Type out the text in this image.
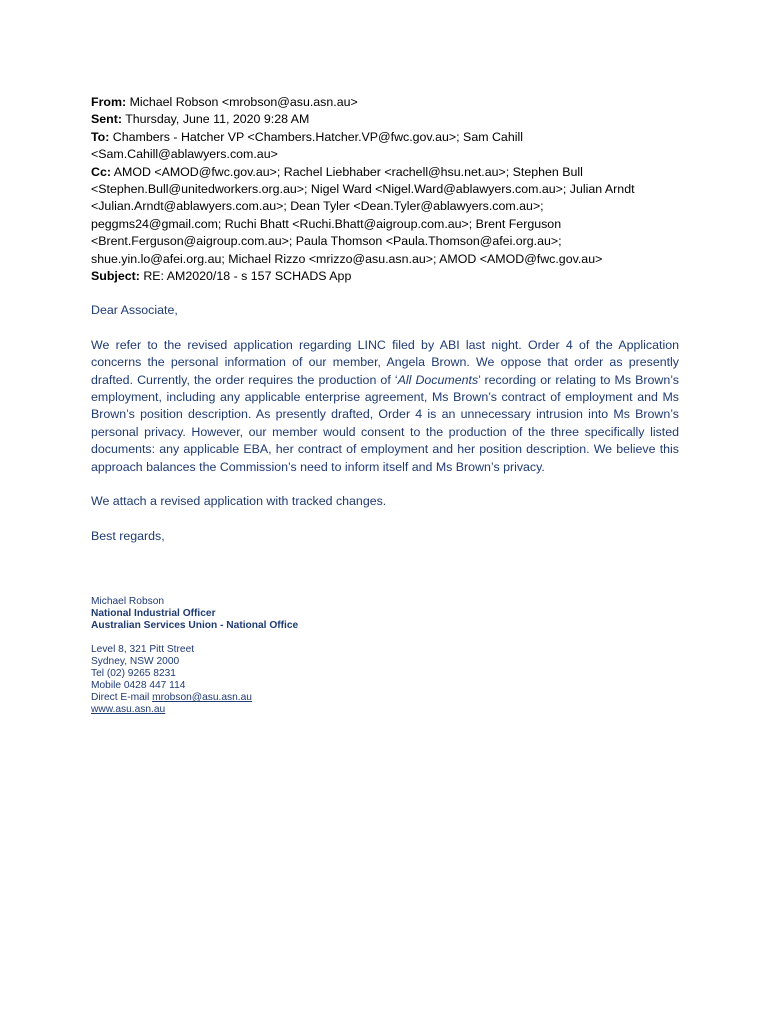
From: Michael Robson <mrobson@asu.asn.au>
Sent: Thursday, June 11, 2020 9:28 AM
To: Chambers - Hatcher VP <Chambers.Hatcher.VP@fwc.gov.au>; Sam Cahill
<Sam.Cahill@ablawyers.com.au>
Cc: AMOD <AMOD@fwc.gov.au>; Rachel Liebhaber <rachell@hsu.net.au>; Stephen Bull
<Stephen.Bull@unitedworkers.org.au>; Nigel Ward <Nigel.Ward@ablawyers.com.au>; Julian Arndt
<Julian.Arndt@ablawyers.com.au>; Dean Tyler <Dean.Tyler@ablawyers.com.au>;
peggms24@gmail.com; Ruchi Bhatt <Ruchi.Bhatt@aigroup.com.au>; Brent Ferguson
<Brent.Ferguson@aigroup.com.au>; Paula Thomson <Paula.Thomson@afei.org.au>;
shue.yin.lo@afei.org.au; Michael Rizzo <mrizzo@asu.asn.au>; AMOD <AMOD@fwc.gov.au>
Subject: RE: AM2020/18 - s 157 SCHADS App

Dear Associate,

We refer to the revised application regarding LINC filed by ABI last night. Order 4 of the Application concerns the personal information of our member, Angela Brown. We oppose that order as presently drafted. Currently, the order requires the production of ‘All Documents’ recording or relating to Ms Brown’s employment, including any applicable enterprise agreement, Ms Brown’s contract of employment and Ms Brown’s position description. As presently drafted, Order 4 is an unnecessary intrusion into Ms Brown’s personal privacy. However, our member would consent to the production of the three specifically listed documents: any applicable EBA, her contract of employment and her position description. We believe this approach balances the Commission’s need to inform itself and Ms Brown’s privacy.

We attach a revised application with tracked changes.

Best regards,

Michael Robson
National Industrial Officer
Australian Services Union - National Office
Level 8, 321 Pitt Street
Sydney, NSW 2000
Tel (02) 9265 8231
Mobile 0428 447 114
Direct E-mail mrobson@asu.asn.au
www.asu.asn.au
